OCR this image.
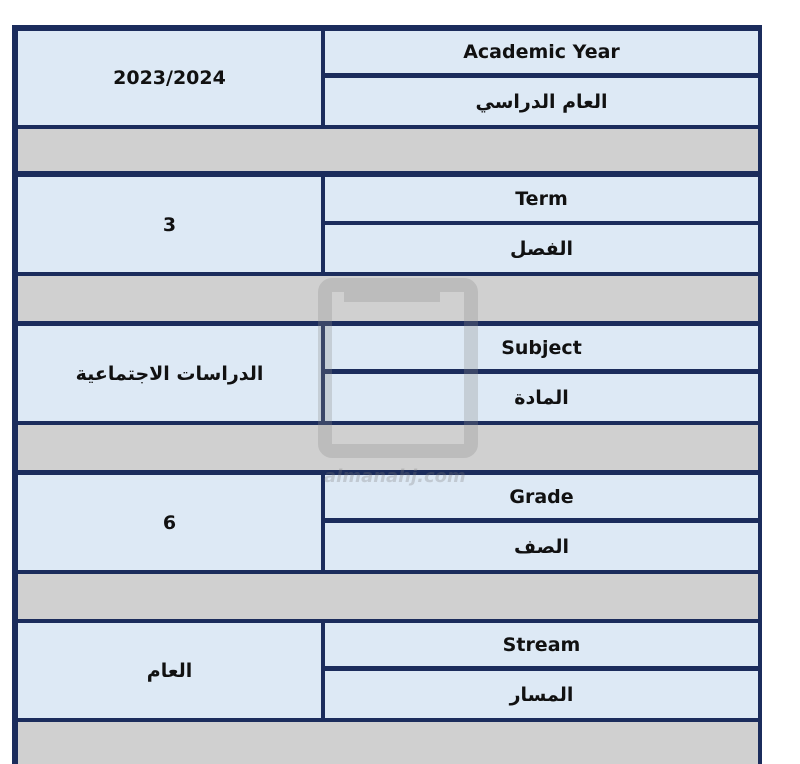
2023/2024
Academic Year
العام الدراسي
3
Term
الفصل
الدراسات الاجتماعية
Subject
المادة
6
Grade
الصف
العام
Stream
المسار
almanahj.com
